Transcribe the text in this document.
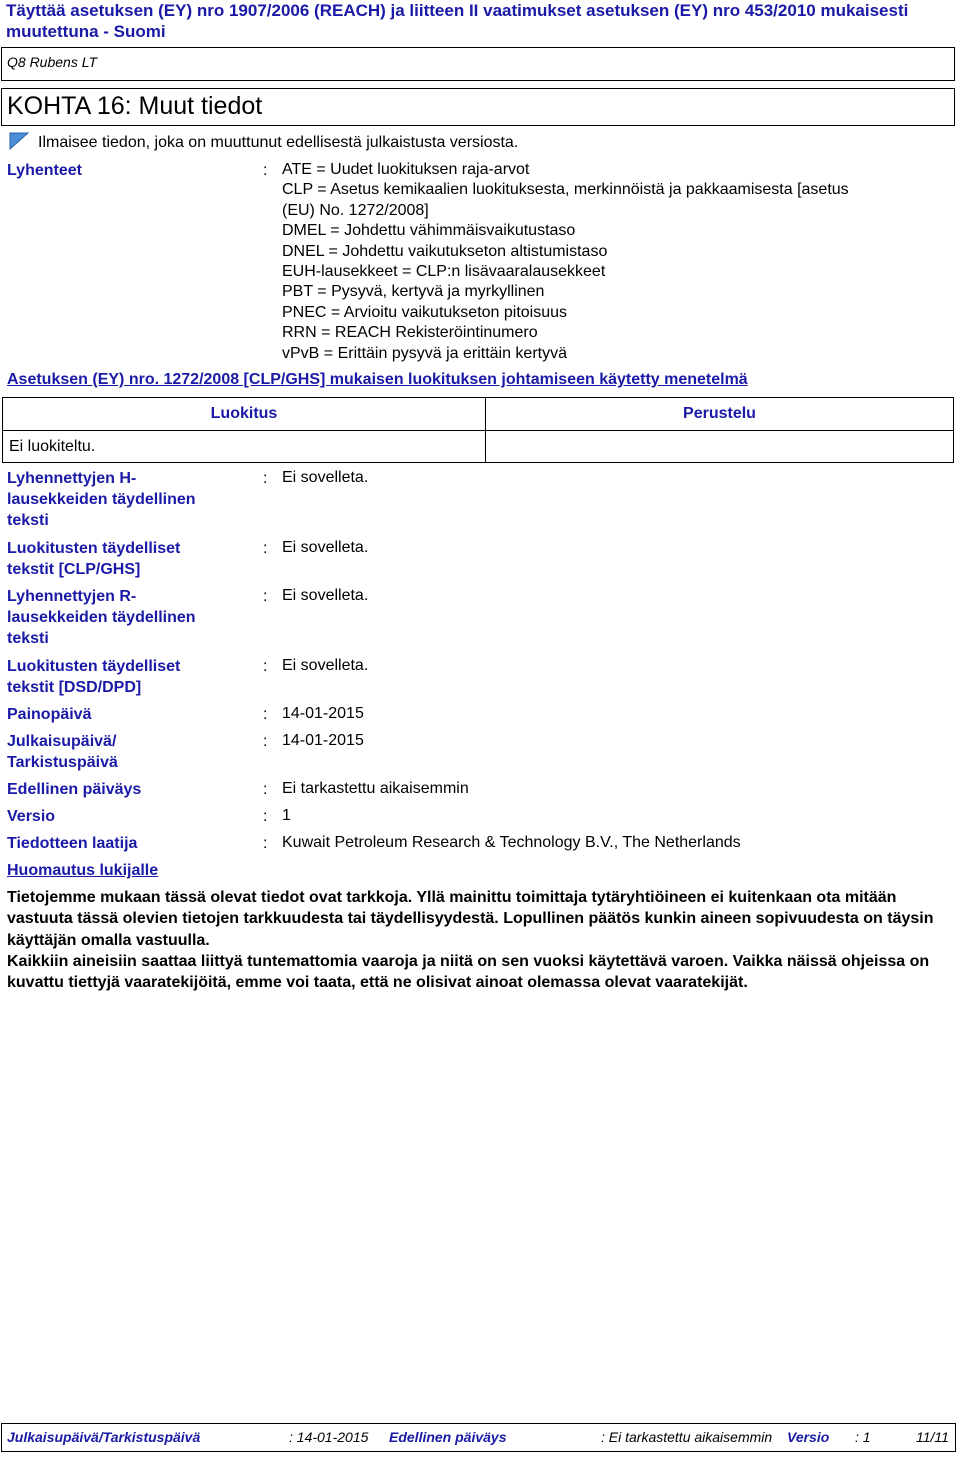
Täyttää asetuksen (EY) nro 1907/2006 (REACH) ja liitteen II vaatimukset asetuksen (EY) nro 453/2010 mukaisesti muutettuna - Suomi
Q8 Rubens LT
KOHTA 16: Muut tiedot
Ilmaisee tiedon, joka on muuttunut edellisestä julkaistusta versiosta.
Lyhenteet	: ATE = Uudet luokituksen raja-arvot
CLP = Asetus kemikaalien luokituksesta, merkinnöistä ja pakkaamisesta [asetus
(EU) No. 1272/2008]
DMEL = Johdettu vähimmäisvaikutustaso
DNEL = Johdettu vaikutukseton altistumistaso
EUH-lausekkeet = CLP:n lisävaaralausekkeet
PBT = Pysyvä, kertyvä ja myrkyllinen
PNEC = Arvioitu vaikutukseton pitoisuus
RRN = REACH Rekisteröintinumero
vPvB = Erittäin pysyvä ja erittäin kertyvä
Asetuksen (EY) nro. 1272/2008 [CLP/GHS] mukaisen luokituksen johtamiseen käytetty menetelmä
Luokitus	Perustelu
Ei luokiteltu.	
Lyhennettyjen H-
lausekkeiden täydellinen
teksti
: Ei sovelleta.
Luokitusten täydelliset
tekstit [CLP/GHS]
: Ei sovelleta.
Lyhennettyjen R-
lausekkeiden täydellinen
teksti
: Ei sovelleta.
Luokitusten täydelliset
tekstit [DSD/DPD]
: Ei sovelleta.
Painopäivä	: 14-01-2015
Julkaisupäivä/
Tarkistuspäivä
: 14-01-2015
Edellinen päiväys	: Ei tarkastettu aikaisemmin
Versio	: 1
Tiedotteen laatija	: Kuwait Petroleum Research & Technology B.V., The Netherlands
Huomautus lukijalle
Tietojemme mukaan tässä olevat tiedot ovat tarkkoja. Yllä mainittu toimittaja tytäryhtiöineen ei kuitenkaan ota mitään vastuuta tässä olevien tietojen tarkkuudesta tai täydellisyydestä. Lopullinen päätös kunkin aineen sopivuudesta on täysin käyttäjän omalla vastuulla.
Kaikkiin aineisiin saattaa liittyä tuntemattomia vaaroja ja niitä on sen vuoksi käytettävä varoen. Vaikka näissä ohjeissa on kuvattu tiettyjä vaaratekijöitä, emme voi taata, että ne olisivat ainoat olemassa olevat vaaratekijät.
Julkaisupäivä/Tarkistuspäivä	: 14-01-2015 Edellinen päiväys	: Ei tarkastettu aikaisemmin Versio : 1	11/11
